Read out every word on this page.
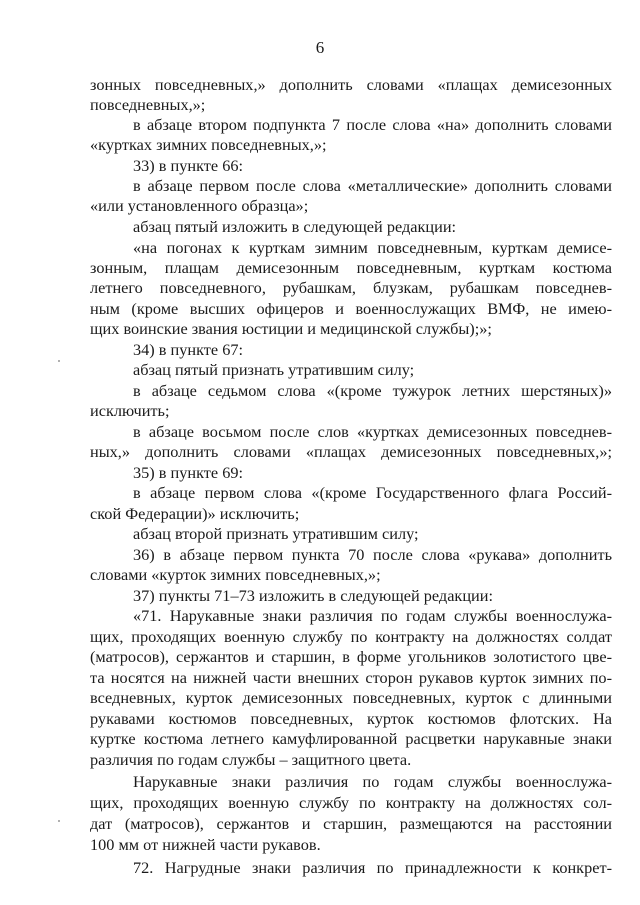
6
зонных повседневных,» дополнить словами «плащах демисезонных
повседневных,»;
в абзаце втором подпункта 7 после слова «на» дополнить словами
«куртках зимних повседневных,»;
33) в пункте 66:
в абзаце первом после слова «металлические» дополнить словами
«или установленного образца»;
абзац пятый изложить в следующей редакции:
«на погонах к курткам зимним повседневным, курткам демисе-
зонным, плащам демисезонным повседневным, курткам костюма
летнего повседневного, рубашкам, блузкам, рубашкам повседнев-
ным (кроме высших офицеров и военнослужащих ВМФ, не имею-
щих воинские звания юстиции и медицинской службы);»;
34) в пункте 67:
абзац пятый признать утратившим силу;
в абзаце седьмом слова «(кроме тужурок летних шерстяных)»
исключить;
в абзаце восьмом после слов «куртках демисезонных повседнев-
ных,» дополнить словами «плащах демисезонных повседневных,»;
35) в пункте 69:
в абзаце первом слова «(кроме Государственного флага Россий-
ской Федерации)» исключить;
абзац второй признать утратившим силу;
36) в абзаце первом пункта 70 после слова «рукава» дополнить
словами «курток зимних повседневных,»;
37) пункты 71–73 изложить в следующей редакции:
«71. Нарукавные знаки различия по годам службы военнослужа-
щих, проходящих военную службу по контракту на должностях солдат
(матросов), сержантов и старшин, в форме угольников золотистого цве-
та носятся на нижней части внешних сторон рукавов курток зимних по-
вседневных, курток демисезонных повседневных, курток с длинными
рукавами костюмов повседневных, курток костюмов флотских. На
куртке костюма летнего камуфлированной расцветки нарукавные знаки
различия по годам службы – защитного цвета.
Нарукавные знаки различия по годам службы военнослужа-
щих, проходящих военную службу по контракту на должностях сол-
дат (матросов), сержантов и старшин, размещаются на расстоянии
100 мм от нижней части рукавов.
72. Нагрудные знаки различия по принадлежности к конкрет-
